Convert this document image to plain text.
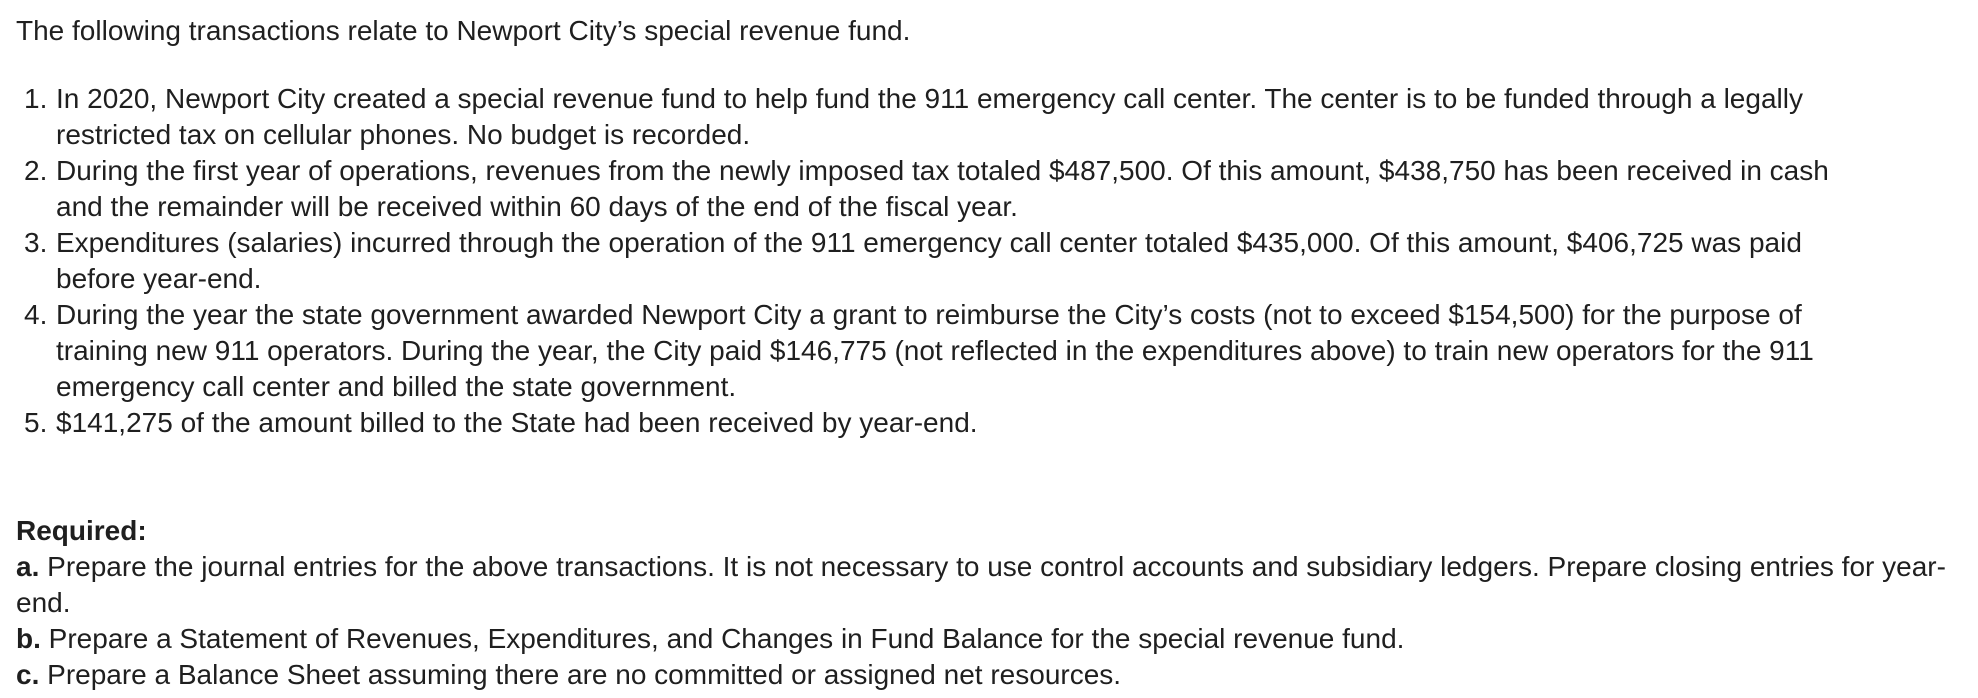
The following transactions relate to Newport City’s special revenue fund.

1. In 2020, Newport City created a special revenue fund to help fund the 911 emergency call center. The center is to be funded through a legally restricted tax on cellular phones. No budget is recorded.
2. During the first year of operations, revenues from the newly imposed tax totaled $487,500. Of this amount, $438,750 has been received in cash and the remainder will be received within 60 days of the end of the fiscal year.
3. Expenditures (salaries) incurred through the operation of the 911 emergency call center totaled $435,000. Of this amount, $406,725 was paid before year-end.
4. During the year the state government awarded Newport City a grant to reimburse the City’s costs (not to exceed $154,500) for the purpose of training new 911 operators. During the year, the City paid $146,775 (not reflected in the expenditures above) to train new operators for the 911 emergency call center and billed the state government.
5. $141,275 of the amount billed to the State had been received by year-end.
Required:
a. Prepare the journal entries for the above transactions. It is not necessary to use control accounts and subsidiary ledgers. Prepare closing entries for year-end.
b. Prepare a Statement of Revenues, Expenditures, and Changes in Fund Balance for the special revenue fund.
c. Prepare a Balance Sheet assuming there are no committed or assigned net resources.
